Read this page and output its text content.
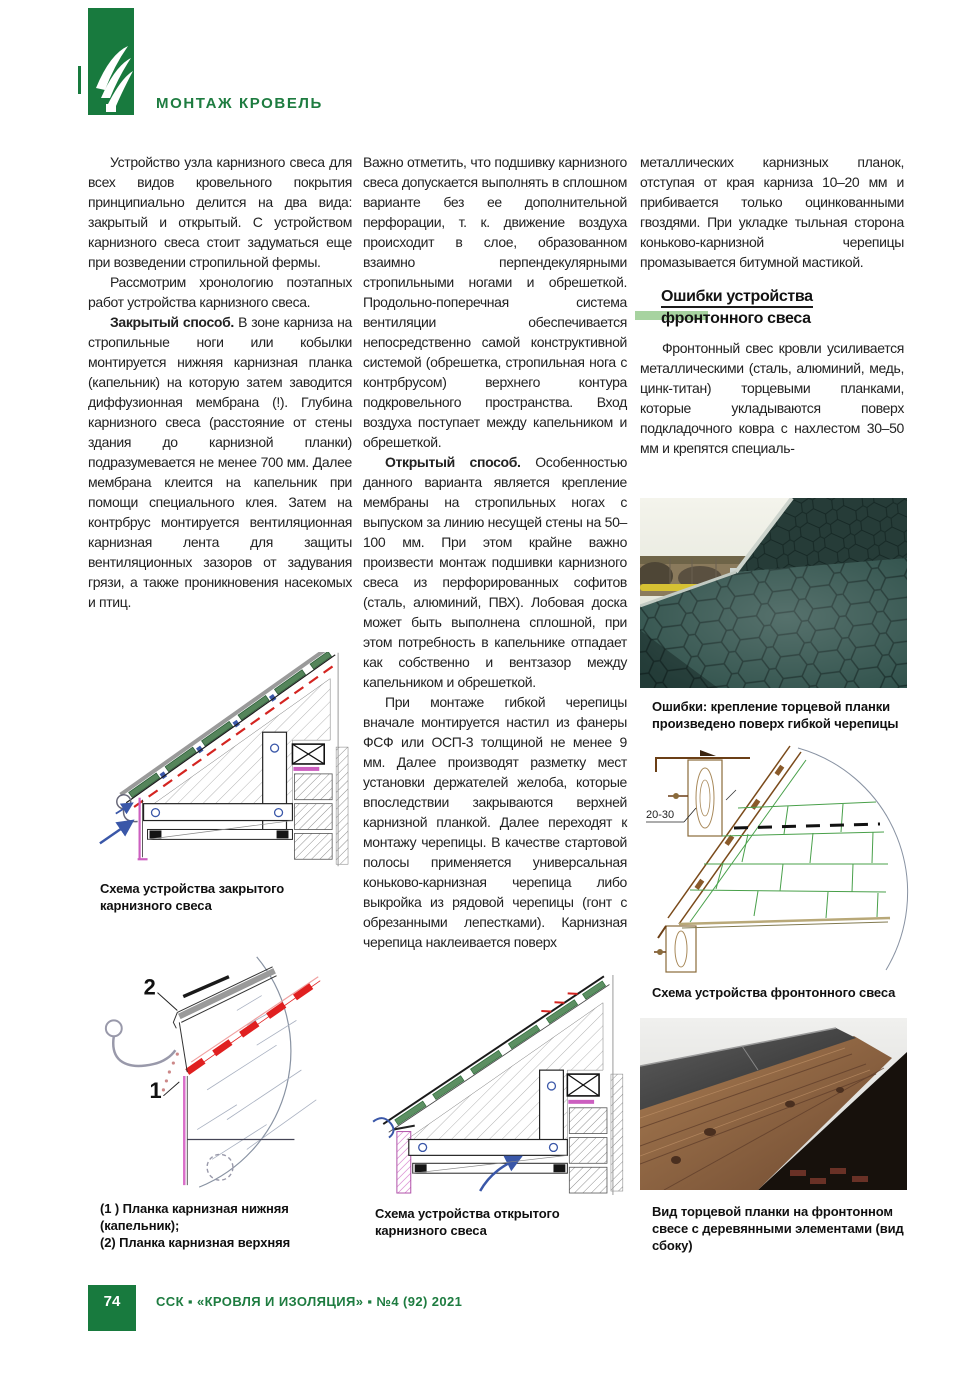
МОНТАЖ КРОВЕЛЬ

Устройство узла карнизного свеса для всех видов кровельного покрытия принципиально делится на два вида: закрытый и открытый. С устройством карнизного свеса стоит задуматься еще при возведении стропильной фермы.

Рассмотрим хронологию поэтапных работ устройства карнизного свеса.

Закрытый способ. В зоне карниза на стропильные ноги или кобылки монтируется нижняя карнизная планка (капельник) на которую затем заводится диффузионная мембрана (!). Глубина карнизного свеса (расстояние от стены здания до карнизной планки) подразумевается не менее 700 мм. Далее мембрана клеится на капельник при помощи специального клея. Затем на контрбрус монтируется вентиляционная карнизная лента для защиты вентиляционных зазоров от задувания грязи, а также проникновения насекомых и птиц.

Важно отметить, что подшивку карнизного свеса допускается выполнять в сплошном варианте без ее дополнительной перфорации, т. к. движение воздуха происходит в слое, образованном взаимно перпендекулярными стропильными ногами и обрешеткой. Продольно-поперечная система вентиляции обеспечивается непосредственно самой конструктивной системой (обрешетка, стропильная нога с контрбрусом) верхнего контура подкровельного пространства. Вход воздуха поступает между капельником и обрешеткой.

Открытый способ. Особенностью данного варианта является крепление мембраны на стропильных ногах с выпуском за линию несущей стены на 50–100 мм. При этом крайне важно произвести монтаж подшивки карнизного свеса из перфорированных софитов (сталь, алюминий, ПВХ). Лобовая доска может быть выполнена сплошной, при этом потребность в капельнике отпадает как собственно и вентзазор между капельником и обрешеткой.

При монтаже гибкой черепицы вначале монтируется настил из фанеры ФСФ или ОСП-3 толщиной не менее 9 мм. Далее производят разметку мест установки держателей желоба, которые впоследствии закрываются верхней карнизной планкой. Далее переходят к монтажу черепицы. В качестве стартовой полосы применяется универсальная коньково-карнизная черепица либо выкройка из рядовой черепицы (гонт с обрезанными лепестками). Карнизная черепица наклеивается поверх

металлических карнизных планок, отступая от края карниза 10–20 мм и прибивается только оцинкованными гвоздями. При укладке тыльная сторона коньково-карнизной черепицы промазывается битумной мастикой.

Ошибки устройства
фронтонного свеса

Фронтонный свес кровли усиливается металлическими (сталь, алюминий, медь, цинк-титан) торцевыми планками, которые укладываются поверх подкладочного ковра с нахлестом 30–50 мм и крепятся специаль-

Схема устройства закрытого карнизного свеса
2
1
(1 ) Планка карнизная нижняя (капельник);
(2) Планка карнизная верхняя
Схема устройства открытого карнизного свеса
Ошибки: крепление торцевой планки произведено поверх гибкой черепицы
20-30
Схема устройства фронтонного свеса
Вид торцевой планки на фронтонном свесе с деревянными элементами (вид сбоку)
74	ССК ▪ «КРОВЛЯ И ИЗОЛЯЦИЯ» ▪ №4 (92) 2021
